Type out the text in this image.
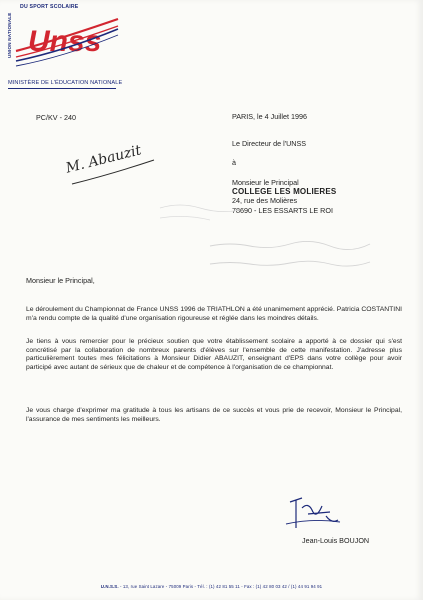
DU SPORT SCOLAIRE
UNION NATIONALE Unss
MINISTÈRE DE L'ÉDUCATION NATIONALE
PC/KV - 240	PARIS, le 4 Juillet 1996
Le Directeur de l'UNSS
à
Monsieur le Principal
COLLEGE LES MOLIERES
24, rue des Molières
78690 - LES ESSARTS LE ROI
M. Abauzit
Monsieur le Principal,
Le déroulement du Championnat de France UNSS 1996 de TRIATHLON a été unanimement apprécié. Patricia COSTANTINI m'a rendu compte de la qualité d'une organisation rigoureuse et réglée dans les moindres détails.
Je tiens à vous remercier pour le précieux soutien que votre établissement scolaire a apporté à ce dossier qui s'est concrétisé par la collaboration de nombreux parents d'élèves sur l'ensemble de cette manifestation. J'adresse plus particulièrement toutes mes félicitations à Monsieur Didier ABAUZIT, enseignant d'EPS dans votre collège pour avoir participé avec autant de sérieux que de chaleur et de compétence à l'organisation de ce championnat.
Je vous charge d'exprimer ma gratitude à tous les artisans de ce succès et vous prie de recevoir, Monsieur le Principal, l'assurance de mes sentiments les meilleurs.
Jean-Louis BOUJON
U.N.S.S. - 13, rue Saint Lazare - 75009 Paris - Tél. : (1) 42 81 55 11 - Fax : (1) 42 80 03 42 / (1) 44 91 94 91
